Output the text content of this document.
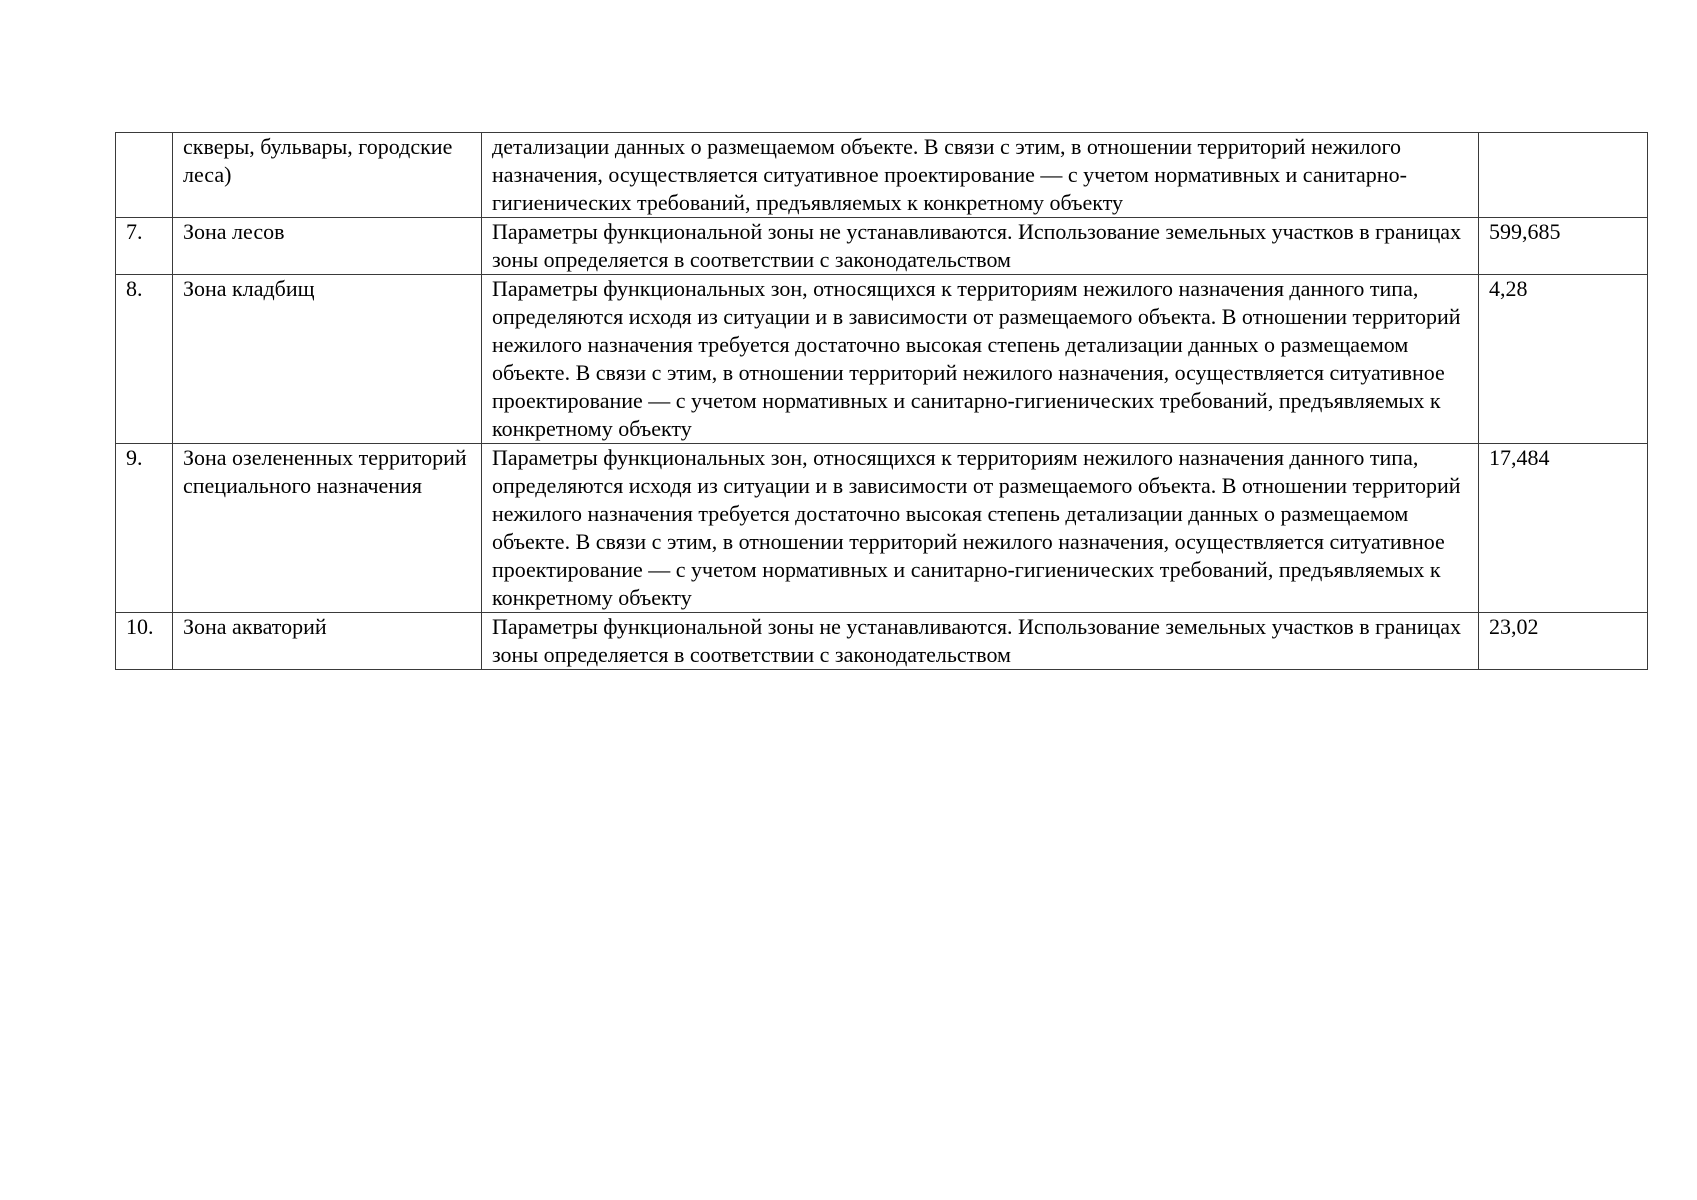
	скверы, бульвары, городские леса)	детализации данных о размещаемом объекте. В связи с этим, в отношении территорий нежилого назначения, осуществляется ситуативное проектирование — с учетом нормативных и санитарно-гигиенических требований, предъявляемых к конкретному объекту	
7.	Зона лесов	Параметры функциональной зоны не устанавливаются. Использование земельных участков в границах зоны определяется в соответствии с законодательством	599,685
8.	Зона кладбищ	Параметры функциональных зон, относящихся к территориям нежилого назначения данного типа, определяются исходя из ситуации и в зависимости от размещаемого объекта. В отношении территорий нежилого назначения требуется достаточно высокая степень детализации данных о размещаемом объекте. В связи с этим, в отношении территорий нежилого назначения, осуществляется ситуативное проектирование — с учетом нормативных и санитарно-гигиенических требований, предъявляемых к конкретному объекту	4,28
9.	Зона озелененных территорий специального назначения	Параметры функциональных зон, относящихся к территориям нежилого назначения данного типа, определяются исходя из ситуации и в зависимости от размещаемого объекта. В отношении территорий нежилого назначения требуется достаточно высокая степень детализации данных о размещаемом объекте. В связи с этим, в отношении территорий нежилого назначения, осуществляется ситуативное проектирование — с учетом нормативных и санитарно-гигиенических требований, предъявляемых к конкретному объекту	17,484
10.	Зона акваторий	Параметры функциональной зоны не устанавливаются. Использование земельных участков в границах зоны определяется в соответствии с законодательством	23,02
